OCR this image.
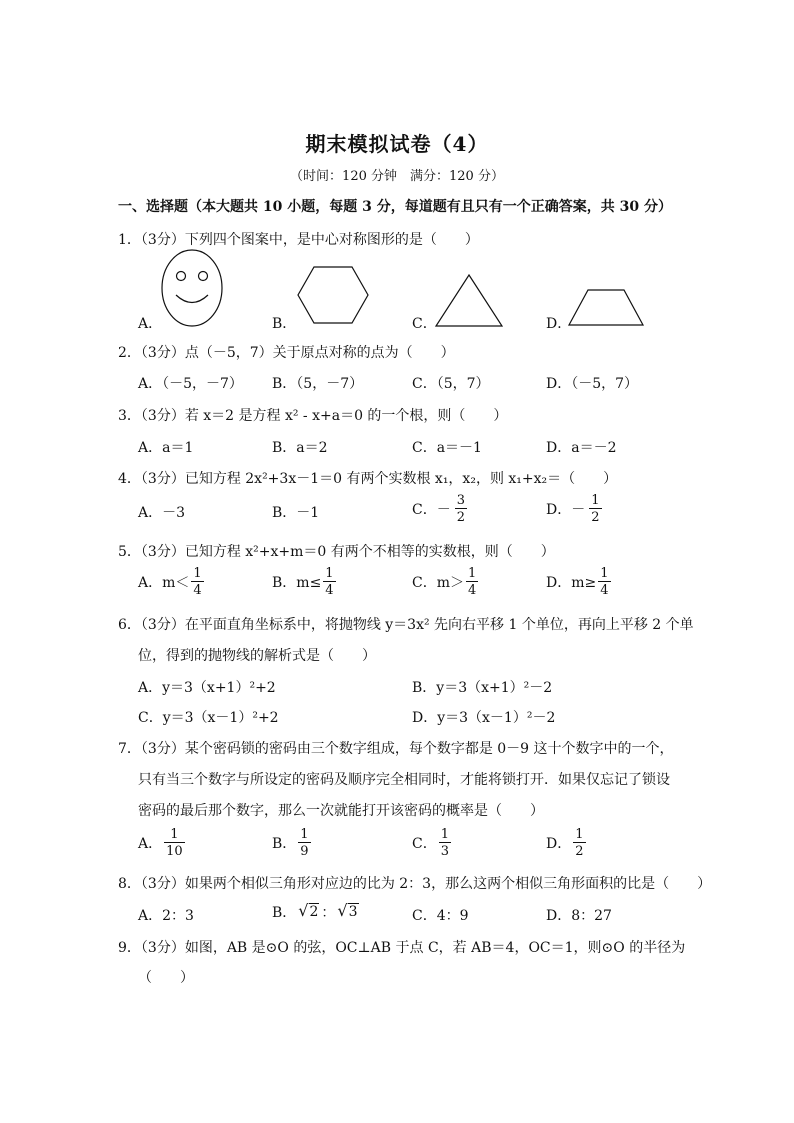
期末模拟试卷（4）
（时间：120 分钟　满分：120 分）
一、选择题（本大题共 10 小题，每题 3 分，每道题有且只有一个正确答案，共 30 分）
1．（3分）下列四个图案中，是中心对称图形的是（　　）
A．	B．	C．	D．
2．（3分）点（－5，7）关于原点对称的点为（　　）
A．（－5，－7） B．（5，－7）	C．（5，7）	D．（－5，7）
3．（3分）若 x＝2 是方程 x² - x+a＝0 的一个根，则（　　）
A．a＝1	B．a＝2	C．a＝－1	D．a＝－2
4．（3分）已知方程 2x²+3x－1＝0 有两个实数根 x₁，x₂，则 x₁+x₂＝（　　）
A．－3	B．－1	C． － $\frac{3}{2}$	D． － $\frac{1}{2}$
5．（3分）已知方程 x²+x+m＝0 有两个不相等的实数根，则（　　）
A．$m< \frac{1}{4}$	B．$m\le \frac{1}{4}$	C．$m> \frac{1}{4}$	D．$m\ge \frac{1}{4}$
6．（3分）在平面直角坐标系中，将抛物线 y＝3x² 先向右平移 1 个单位，再向上平移 2 个单
位，得到的抛物线的解析式是（　　）
A．y＝3（x+1）²+2	B．y＝3（x+1）²－2
C．y＝3（x－1）²+2	D．y＝3（x－1）²－2
7．（3分）某个密码锁的密码由三个数字组成，每个数字都是 0－9 这十个数字中的一个，
只有当三个数字与所设定的密码及顺序完全相同时，才能将锁打开．如果仅忘记了锁设
密码的最后那个数字，那么一次就能打开该密码的概率是（　　）
A． $\frac{1}{10}$	B． $\frac{1}{9}$	C． $\frac{1}{3}$	D． $\frac{1}{2}$
8．（3分）如果两个相似三角形对应边的比为 2：3，那么这两个相似三角形面积的比是（　　）
A．2：3	B． √ 2 ： √ 3	C．4：9	D．8：27
9．（3分）如图，AB 是⊙O 的弦，OC⊥AB 于点 C，若 AB＝4，OC＝1，则⊙O 的半径为
（　　）
